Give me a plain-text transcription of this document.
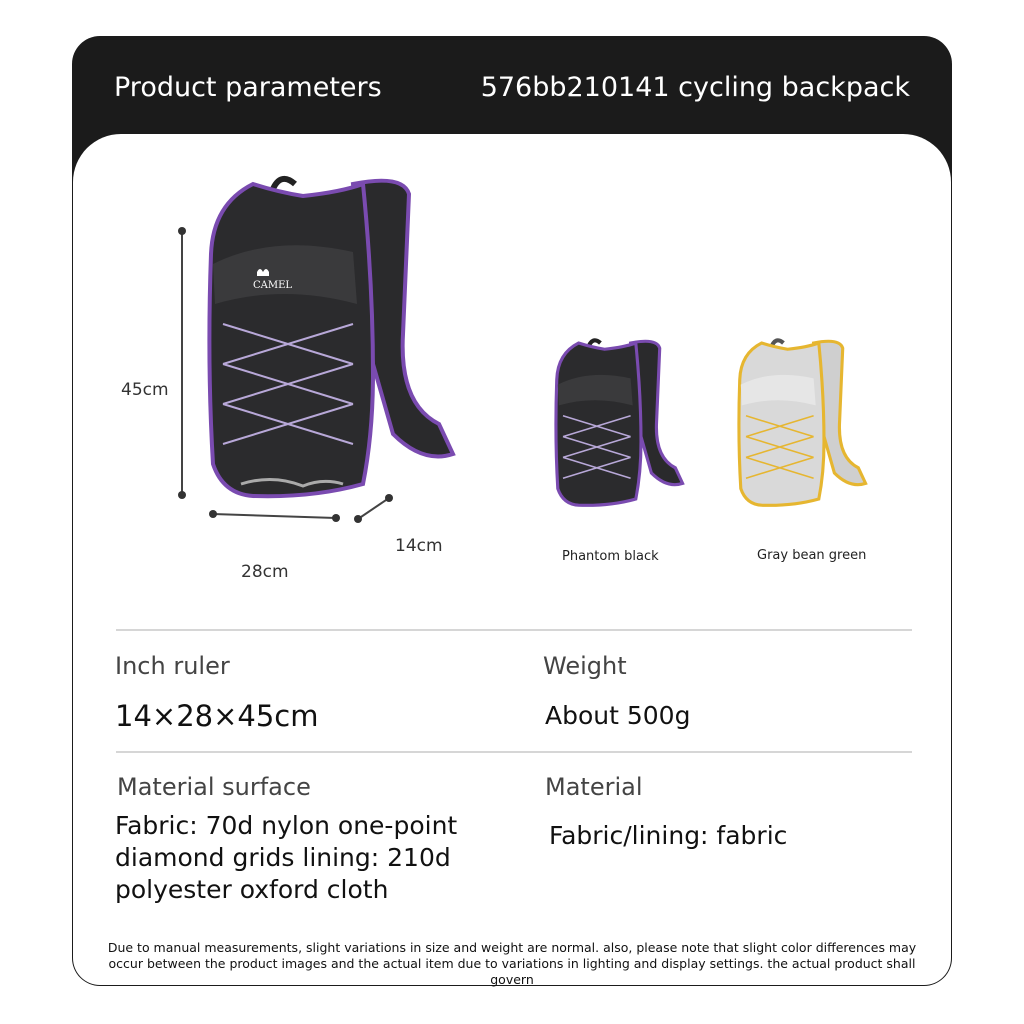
Product parameters	576bb210141 cycling backpack
CAMEL
45cm
28cm
14cm
Phantom black	Gray bean green
Inch ruler
14×28×45cm
Weight
About 500g
Material surface
Fabric: 70d nylon one-point
diamond grids lining: 210d
polyester oxford cloth
Material
Fabric/lining: fabric
Due to manual measurements, slight variations in size and weight are normal. also, please note that slight color differences may occur between the product images and the actual item due to variations in lighting and display settings. the actual product shall govern
